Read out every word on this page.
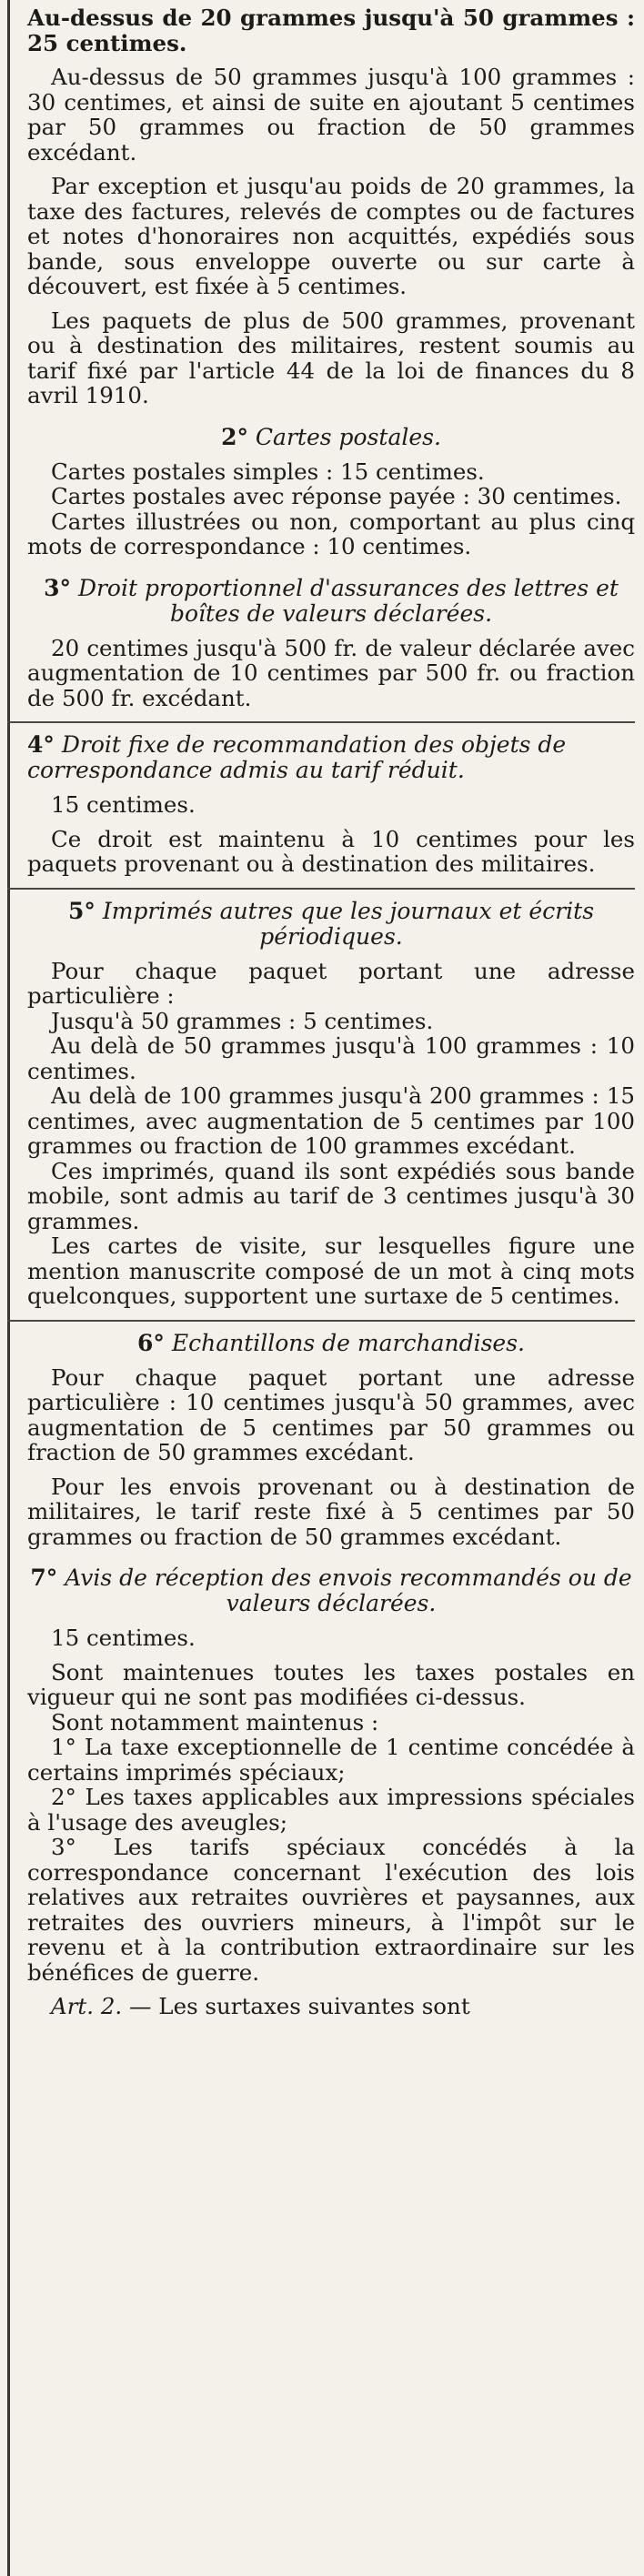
Au-dessus de 20 grammes jusqu'à 50 grammes : 25 centimes.

Au-dessus de 50 grammes jusqu'à 100 grammes : 30 centimes, et ainsi de suite en ajoutant 5 centimes par 50 grammes ou fraction de 50 grammes excédant.

Par exception et jusqu'au poids de 20 grammes, la taxe des factures, relevés de comptes ou de factures et notes d'honoraires non acquittés, expédiés sous bande, sous enveloppe ouverte ou sur carte à découvert, est fixée à 5 centimes.

Les paquets de plus de 500 grammes, provenant ou à destination des militaires, restent soumis au tarif fixé par l'article 44 de la loi de finances du 8 avril 1910.

2° Cartes postales.

Cartes postales simples : 15 centimes.

Cartes postales avec réponse payée : 30 centimes.

Cartes illustrées ou non, comportant au plus cinq mots de correspondance : 10 centimes.

3° Droit proportionnel d'assurances des lettres et boîtes de valeurs déclarées.

20 centimes jusqu'à 500 fr. de valeur déclarée avec augmentation de 10 centimes par 500 fr. ou fraction de 500 fr. excédant.

4° Droit fixe de recommandation des objets de correspondance admis au tarif réduit.

15 centimes.

Ce droit est maintenu à 10 centimes pour les paquets provenant ou à destination des militaires.

5° Imprimés autres que les journaux et écrits périodiques.

Pour chaque paquet portant une adresse particulière :

Jusqu'à 50 grammes : 5 centimes.

Au delà de 50 grammes jusqu'à 100 grammes : 10 centimes.

Au delà de 100 grammes jusqu'à 200 grammes : 15 centimes, avec augmentation de 5 centimes par 100 grammes ou fraction de 100 grammes excédant.

Ces imprimés, quand ils sont expédiés sous bande mobile, sont admis au tarif de 3 centimes jusqu'à 30 grammes.

Les cartes de visite, sur lesquelles figure une mention manuscrite composé de un mot à cinq mots quelconques, supportent une surtaxe de 5 centimes.

6° Echantillons de marchandises.

Pour chaque paquet portant une adresse particulière : 10 centimes jusqu'à 50 grammes, avec augmentation de 5 centimes par 50 grammes ou fraction de 50 grammes excédant.

Pour les envois provenant ou à destination de militaires, le tarif reste fixé à 5 centimes par 50 grammes ou fraction de 50 grammes excédant.

7° Avis de réception des envois recommandés ou de valeurs déclarées.

15 centimes.

Sont maintenues toutes les taxes postales en vigueur qui ne sont pas modifiées ci-dessus.

Sont notamment maintenus :

1° La taxe exceptionnelle de 1 centime concédée à certains imprimés spéciaux;

2° Les taxes applicables aux impressions spéciales à l'usage des aveugles;

3° Les tarifs spéciaux concédés à la correspondance concernant l'exécution des lois relatives aux retraites ouvrières et paysannes, aux retraites des ouvriers mineurs, à l'impôt sur le revenu et à la contribution extraordinaire sur les bénéfices de guerre.

Art. 2. — Les surtaxes suivantes sont
